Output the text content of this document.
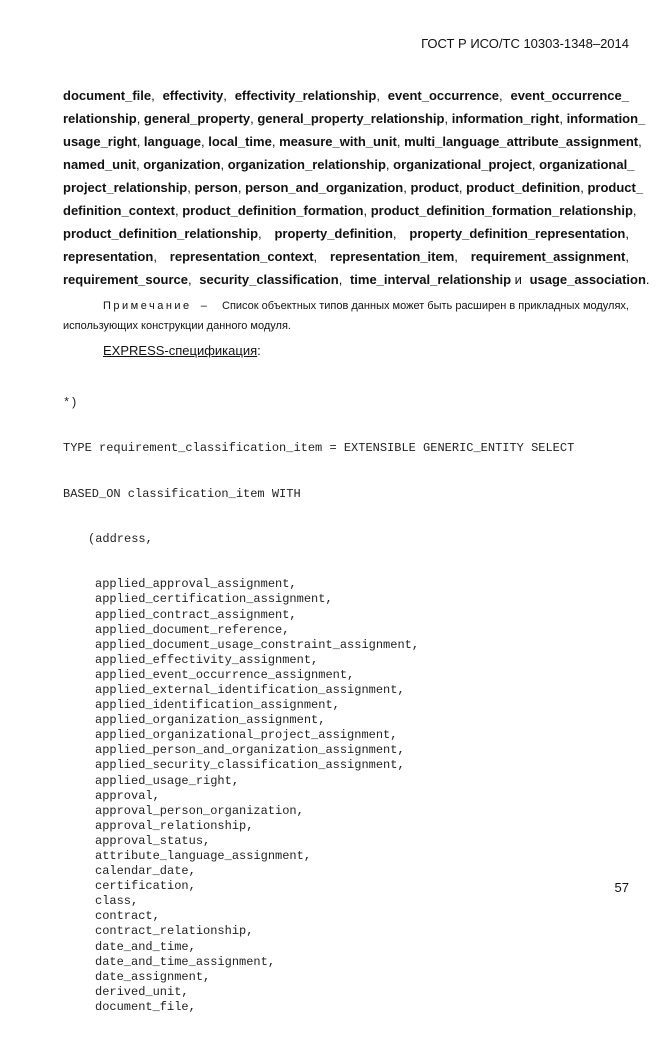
ГОСТ Р ИСО/ТС 10303-1348–2014
document_file, effectivity, effectivity_relationship, event_occurrence, event_occurrence_
relationship, general_property, general_property_relationship, information_right, information_
usage_right, language, local_time, measure_with_unit, multi_language_attribute_assignment,
named_unit, organization, organization_relationship, organizational_project, organizational_
project_relationship, person, person_and_organization, product, product_definition, product_
definition_context, product_definition_formation, product_definition_formation_relationship,
product_definition_relationship, property_definition, property_definition_representation,
representation, representation_context, representation_item, requirement_assignment,
requirement_source, security_classification, time_interval_relationship и usage_association.
Примечание – Список объектных типов данных может быть расширен в прикладных модулях,
использующих конструкции данного модуля.
EXPRESS-спецификация:

*)

TYPE requirement_classification_item = EXTENSIBLE GENERIC_ENTITY SELECT

BASED_ON classification_item WITH

(address,

applied_approval_assignment,
applied_certification_assignment,
applied_contract_assignment,
applied_document_reference,
applied_document_usage_constraint_assignment,
applied_effectivity_assignment,
applied_event_occurrence_assignment,
applied_external_identification_assignment,
applied_identification_assignment,
applied_organization_assignment,
applied_organizational_project_assignment,
applied_person_and_organization_assignment,
applied_security_classification_assignment,
applied_usage_right,
approval,
approval_person_organization,
approval_relationship,
approval_status,
attribute_language_assignment,
calendar_date,
certification,
class,
contract,
contract_relationship,
date_and_time,
date_and_time_assignment,
date_assignment,
derived_unit,
document_file,

57
